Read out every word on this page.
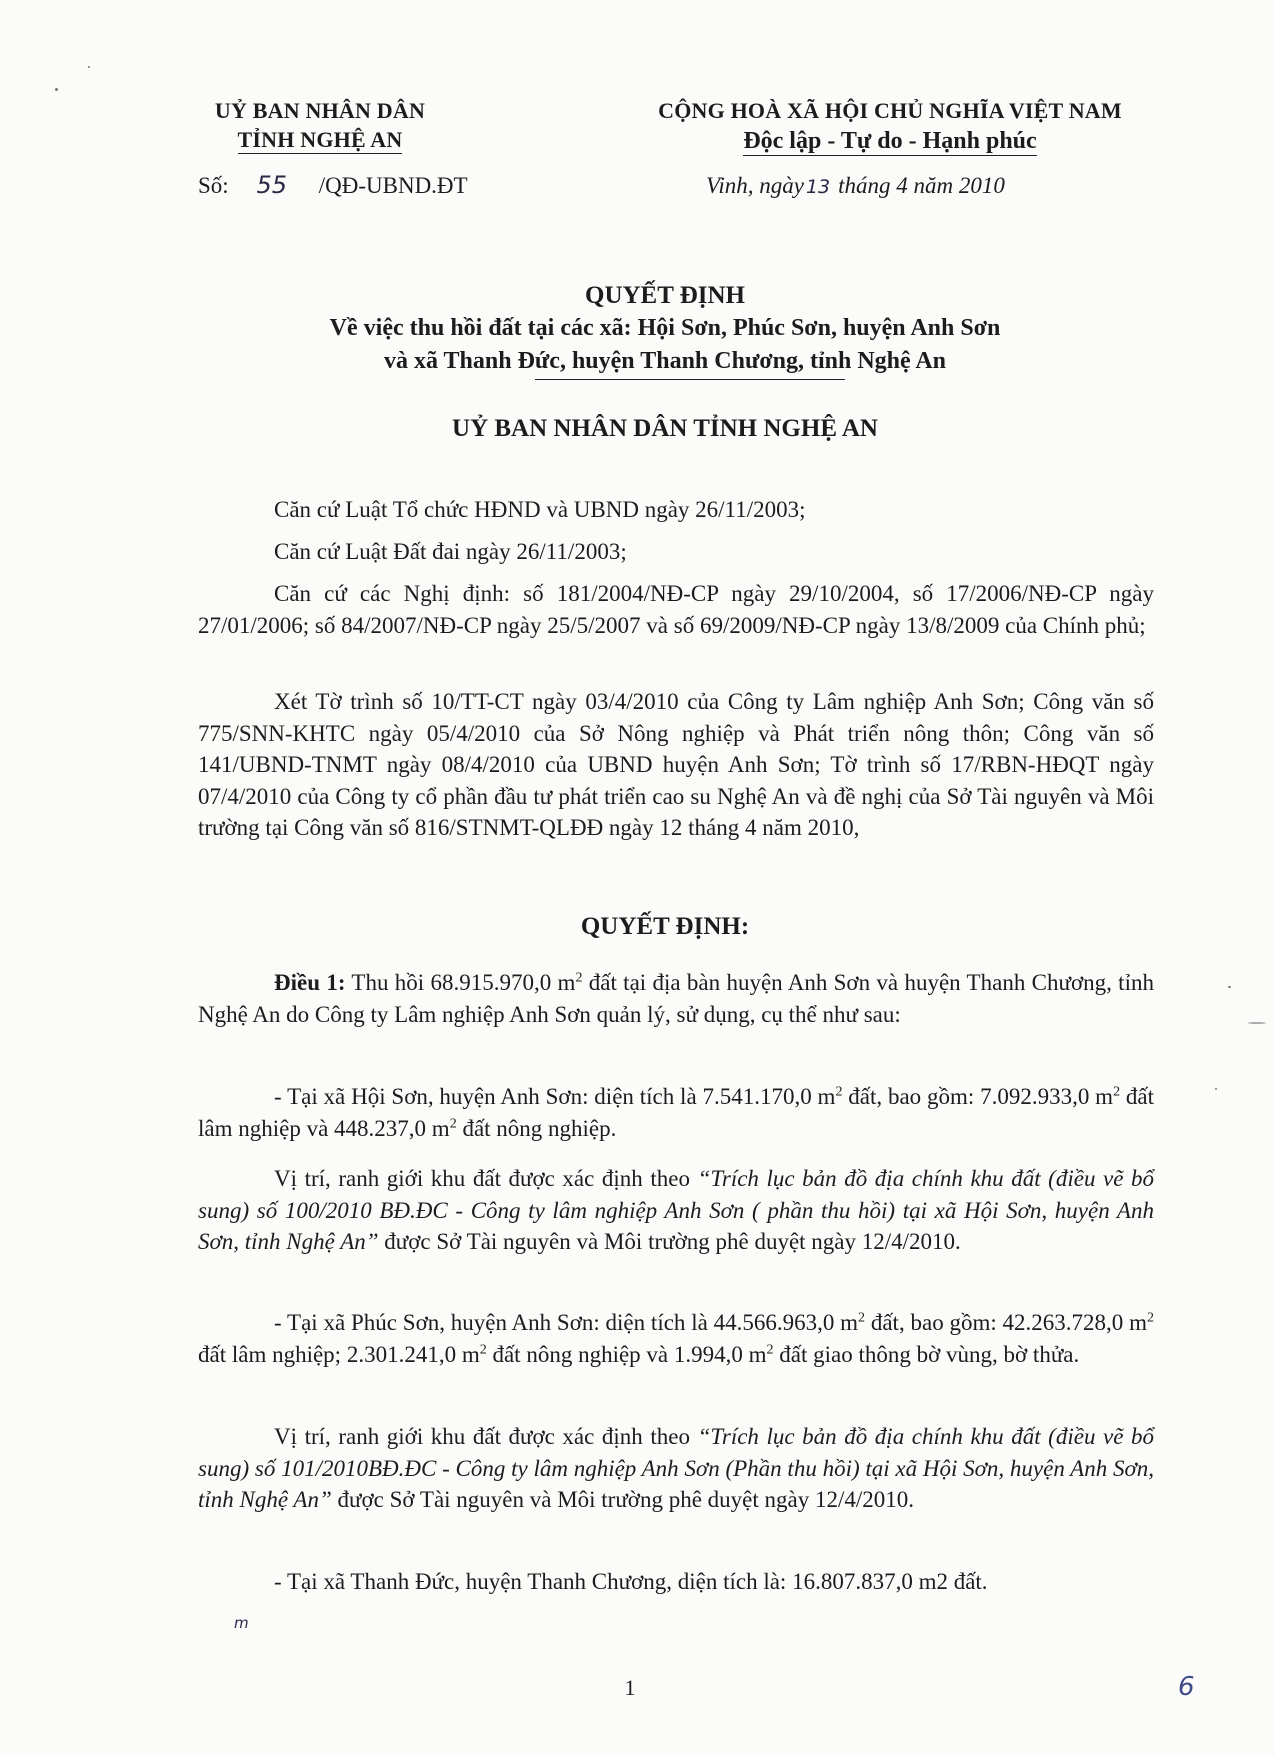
UỶ BAN NHÂN DÂN
TỈNH NGHỆ AN
Số: 55 /QĐ-UBND.ĐT
CỘNG HOÀ XÃ HỘI CHỦ NGHĨA VIỆT NAM
Độc lập - Tự do - Hạnh phúc
Vinh, ngày 13 tháng 4 năm 2010
QUYẾT ĐỊNH
Về việc thu hồi đất tại các xã: Hội Sơn, Phúc Sơn, huyện Anh Sơn
và xã Thanh Đức, huyện Thanh Chương, tỉnh Nghệ An
UỶ BAN NHÂN DÂN TỈNH NGHỆ AN
Căn cứ Luật Tổ chức HĐND và UBND ngày 26/11/2003;
Căn cứ Luật Đất đai ngày 26/11/2003;
Căn cứ các Nghị định: số 181/2004/NĐ-CP ngày 29/10/2004, số 17/2006/NĐ-CP ngày 27/01/2006; số 84/2007/NĐ-CP ngày 25/5/2007 và số 69/2009/NĐ-CP ngày 13/8/2009 của Chính phủ;
Xét Tờ trình số 10/TT-CT ngày 03/4/2010 của Công ty Lâm nghiệp Anh Sơn; Công văn số 775/SNN-KHTC ngày 05/4/2010 của Sở Nông nghiệp và Phát triển nông thôn; Công văn số 141/UBND-TNMT ngày 08/4/2010 của UBND huyện Anh Sơn; Tờ trình số 17/RBN-HĐQT ngày 07/4/2010 của Công ty cổ phần đầu tư phát triển cao su Nghệ An và đề nghị của Sở Tài nguyên và Môi trường tại Công văn số 816/STNMT-QLĐĐ ngày 12 tháng 4 năm 2010,
QUYẾT ĐỊNH:
Điều 1: Thu hồi 68.915.970,0 $m^2$ đất tại địa bàn huyện Anh Sơn và huyện Thanh Chương, tỉnh Nghệ An do Công ty Lâm nghiệp Anh Sơn quản lý, sử dụng, cụ thể như sau:
- Tại xã Hội Sơn, huyện Anh Sơn: diện tích là 7.541.170,0 $m^2$ đất, bao gồm: 7.092.933,0 $m^2$ đất lâm nghiệp và 448.237,0 $m^2$ đất nông nghiệp.
Vị trí, ranh giới khu đất được xác định theo “Trích lục bản đồ địa chính khu đất (điều vẽ bổ sung) số 100/2010 BĐ.ĐC - Công ty lâm nghiệp Anh Sơn ( phần thu hồi) tại xã Hội Sơn, huyện Anh Sơn, tỉnh Nghệ An” được Sở Tài nguyên và Môi trường phê duyệt ngày 12/4/2010.
- Tại xã Phúc Sơn, huyện Anh Sơn: diện tích là 44.566.963,0 $m^2$ đất, bao gồm: 42.263.728,0 $m^2$ đất lâm nghiệp; 2.301.241,0 $m^2$ đất nông nghiệp và 1.994,0 $m^2$ đất giao thông bờ vùng, bờ thửa.
Vị trí, ranh giới khu đất được xác định theo “Trích lục bản đồ địa chính khu đất (điều vẽ bổ sung) số 101/2010BĐ.ĐC - Công ty lâm nghiệp Anh Sơn (Phần thu hồi) tại xã Hội Sơn, huyện Anh Sơn, tỉnh Nghệ An” được Sở Tài nguyên và Môi trường phê duyệt ngày 12/4/2010.
- Tại xã Thanh Đức, huyện Thanh Chương, diện tích là: 16.807.837,0 m2 đất.
m
1	6
